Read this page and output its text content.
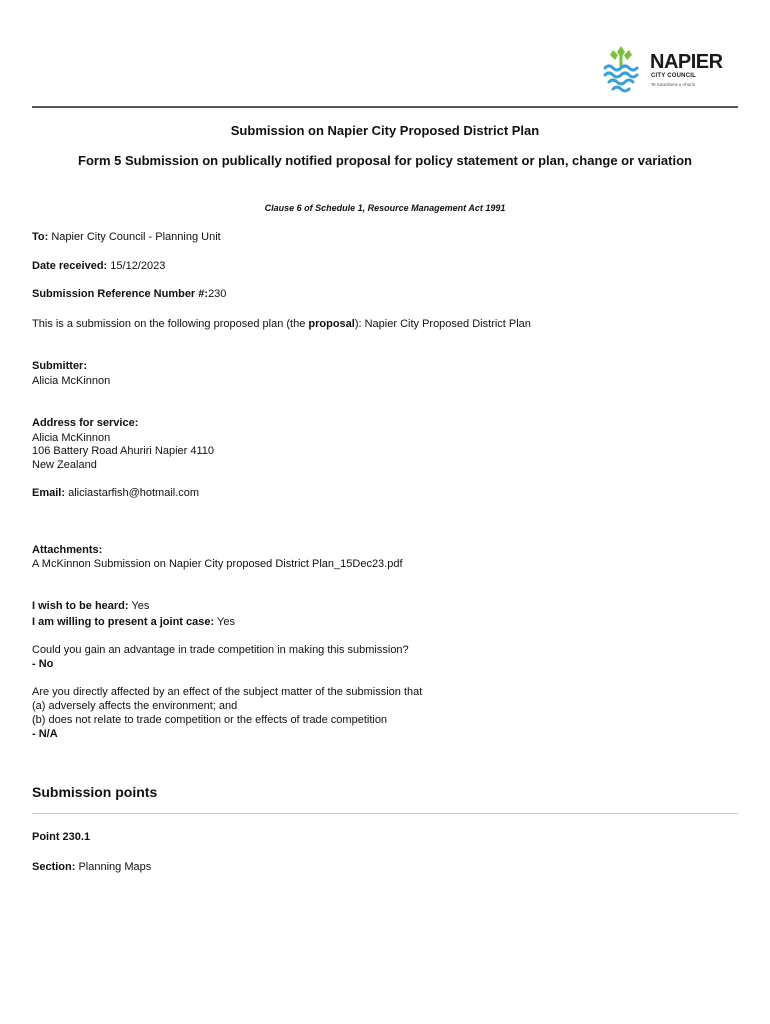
NAPIER
CITY COUNCIL
Te Kaunihera o Ahuriri
Submission on Napier City Proposed District Plan
Form 5 Submission on publically notified proposal for policy statement or plan, change or variation
Clause 6 of Schedule 1, Resource Management Act 1991
To: Napier City Council - Planning Unit
Date received: 15/12/2023
Submission Reference Number #:230
This is a submission on the following proposed plan (the proposal): Napier City Proposed District Plan
Submitter:
Alicia McKinnon
Address for service:
Alicia McKinnon
106 Battery Road Ahuriri Napier 4110
New Zealand
Email: aliciastarfish@hotmail.com
Attachments:
A McKinnon Submission on Napier City proposed District Plan_15Dec23.pdf
I wish to be heard: Yes
I am willing to present a joint case: Yes
Could you gain an advantage in trade competition in making this submission?
- No
Are you directly affected by an effect of the subject matter of the submission that
(a) adversely affects the environment; and
(b) does not relate to trade competition or the effects of trade competition
- N/A
Submission points
Point 230.1
Section: Planning Maps
